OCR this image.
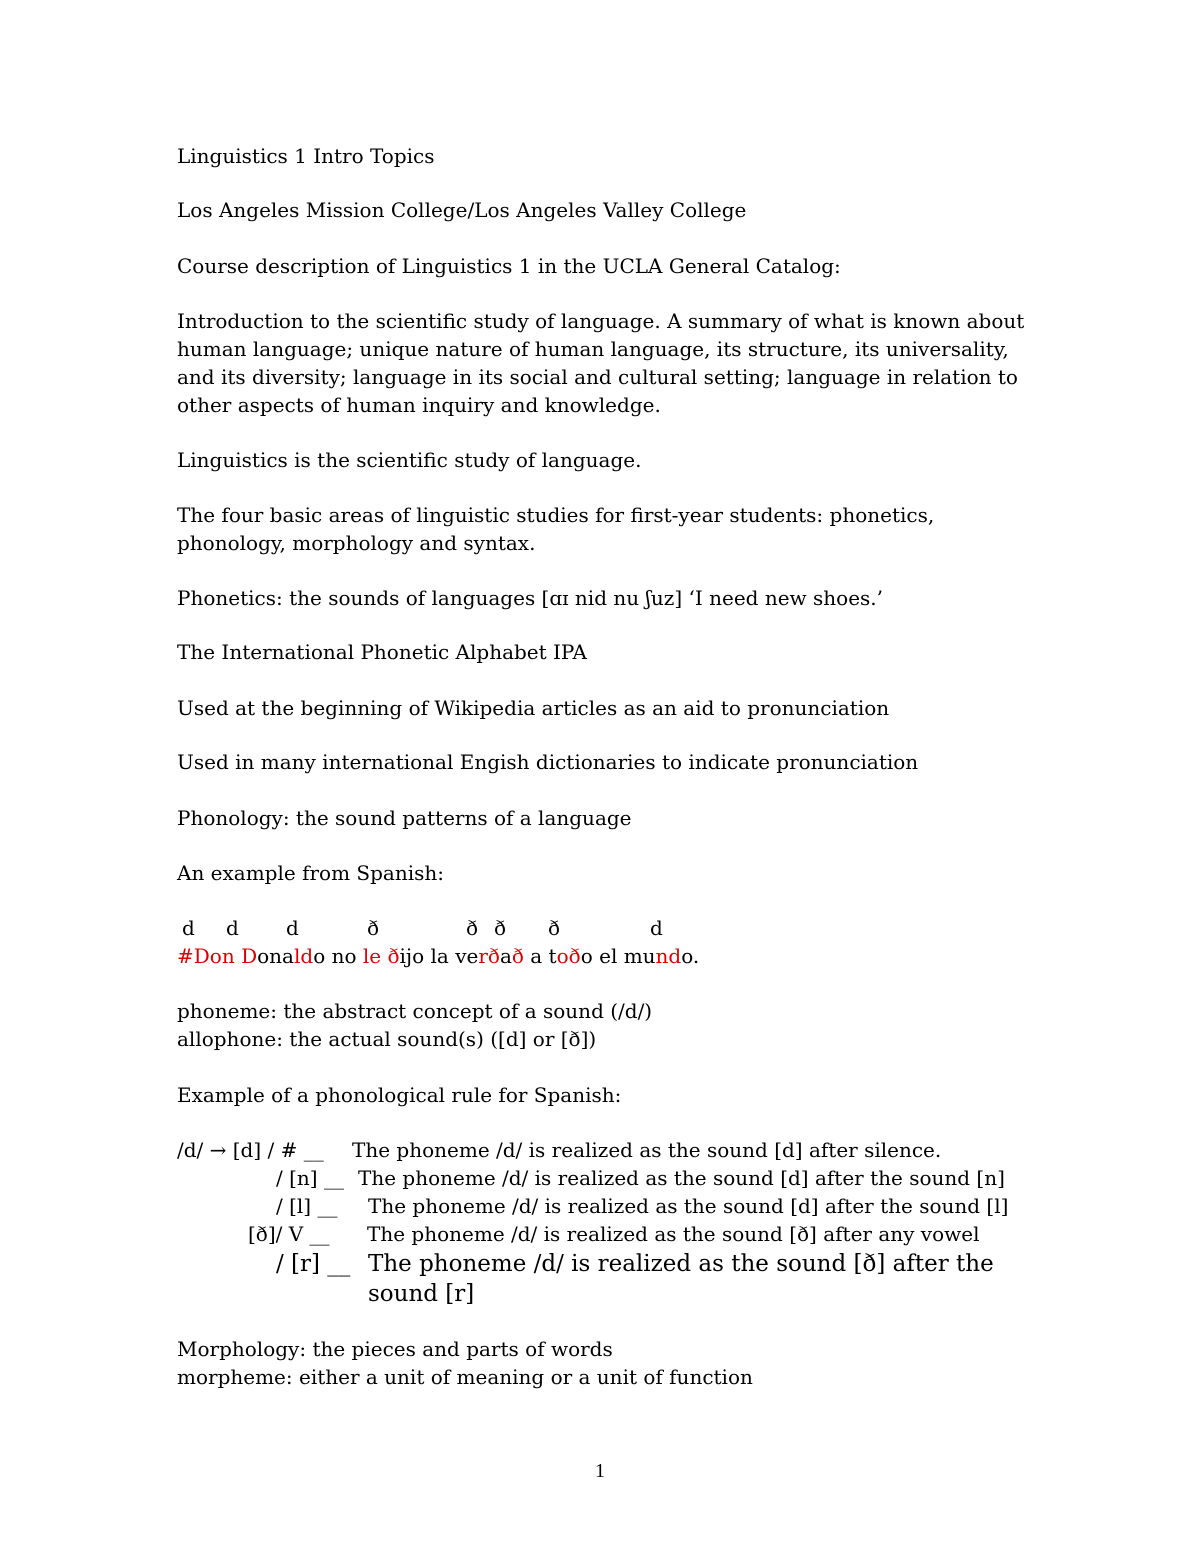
Linguistics 1 Intro Topics

Los Angeles Mission College/Los Angeles Valley College

Course description of Linguistics 1 in the UCLA General Catalog:

Introduction to the scientific study of language. A summary of what is known about

human language; unique nature of human language, its structure, its universality,

and its diversity; language in its social and cultural setting; language in relation to

other aspects of human inquiry and knowledge.

Linguistics is the scientific study of language.

The four basic areas of linguistic studies for first-year students: phonetics,

phonology, morphology and syntax.

Phonetics: the sounds of languages [ɑɪ nid nu ʃuz] ‘I need new shoes.’

The International Phonetic Alphabet IPA

Used at the beginning of Wikipedia articles as an aid to pronunciation

Used in many international Engish dictionaries to indicate pronunciation

Phonology: the sound patterns of a language

An example from Spanish:

d d d	ð	ð ð ð	d

#Don Donaldo no le ðijo la verðað a toðo el mundo.

phoneme: the abstract concept of a sound (/d/)

allophone: the actual sound(s) ([d] or [ð])

Example of a phonological rule for Spanish:

/d/ → [d] / # __ The phoneme /d/ is realized as the sound [d] after silence.
/ [n] __ The phoneme /d/ is realized as the sound [d] after the sound [n]
/ [l] __ The phoneme /d/ is realized as the sound [d] after the sound [l]
[ð]/ V __ The phoneme /d/ is realized as the sound [ð] after any vowel
/ [r] __ The phoneme /d/ is realized as the sound [ð] after the
sound [r]

Morphology: the pieces and parts of words

morpheme: either a unit of meaning or a unit of function

1
